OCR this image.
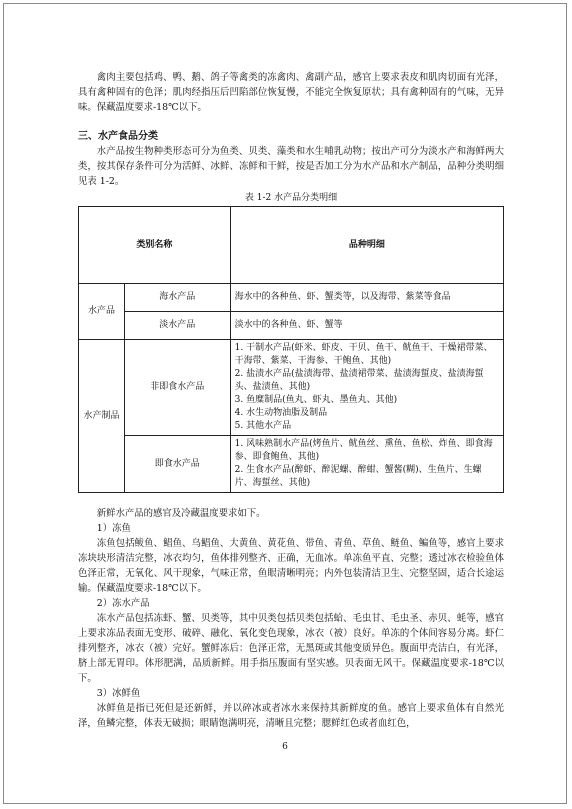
禽肉主要包括鸡、鸭、鹅、鸽子等禽类的冻禽肉、禽副产品，感官上要求表皮和肌肉切面有光泽，具有禽种固有的色泽；肌肉经指压后凹陷部位恢复慢，不能完全恢复原状；具有禽种固有的气味，无异味。保藏温度要求-18℃以下。

三、水产食品分类

水产品按生物种类形态可分为鱼类、贝类、藻类和水生哺乳动物；按出产可分为淡水产和海鲜两大类，按其保存条件可分为活鲜、冰鲜、冻鲜和干鲜，按是否加工分为水产品和水产制品，品种分类明细见表 1-2。

表 1-2 水产品分类明细
类别名称		品种明细
水产品	海水产品	海水中的各种鱼、虾、蟹类等，以及海带、紫菜等食品
	淡水产品	淡水中的各种鱼、虾、蟹等
水产制品	非即食水产品	1. 干制水产品(虾米、虾皮、干贝、鱼干、鱿鱼干、干燥裙带菜、干海带、紫菜、干海参、干鲍鱼、其他)
2. 盐渍水产品(盐渍海带、盐渍裙带菜、盐渍海蜇皮、盐渍海蜇头、盐渍鱼、其他)
3. 鱼糜制品(鱼丸、虾丸、墨鱼丸、其他)
4. 水生动物油脂及制品
5. 其他水产品

	即食水产品	1. 风味熟制水产品(烤鱼片、鱿鱼丝、熏鱼、鱼松、炸鱼、即食海参、即食鲍鱼、其他)
2. 生食水产品(醉虾、醉泥螺、醉蚶、蟹酱(糊)、生鱼片、生螺片、海蜇丝、其他)

新鲜水产品的感官及冷藏温度要求如下。

1）冻鱼

冻鱼包括鲅鱼、鲳鱼、乌鲳鱼、大黄鱼、黄花鱼、带鱼、青鱼、草鱼、鲢鱼、鳊鱼等，感官上要求冻块块形清洁完整，冰衣均匀，鱼体排列整齐、正确，无血冰。单冻鱼平直、完整；透过冰衣检验鱼体色泽正常，无氧化、风干现象，气味正常，鱼眼清晰明亮；内外包装清洁卫生、完整坚固，适合长途运输。保藏温度要求-18℃以下。

2）冻水产品

冻水产品包括冻虾、蟹、贝类等，其中贝类包括贝类包括蛤、毛虫甘、毛虫圣、赤贝、蚝等，感官上要求冻品表面无变形、破碎、融化、氧化变色现象，冰衣（被）良好。单冻的个体间容易分离。虾仁排列整齐，冰衣（被）完好。蟹鲜冻后：色泽正常，无黑斑或其他变质异色。腹面甲壳洁白，有光泽，脐上部无胃印。体形肥满，品质新鲜。用手指压腹面有坚实感。贝表面无风干。保藏温度要求-18℃以下。

3）冰鲜鱼

冰鲜鱼是指已死但是还新鲜，并以碎冰或者冰水来保持其新鲜度的鱼。感官上要求鱼体有自然光泽，鱼鳞完整，体表无破损；眼睛饱满明亮，清晰且完整；腮鲜红色或者血红色，

6
